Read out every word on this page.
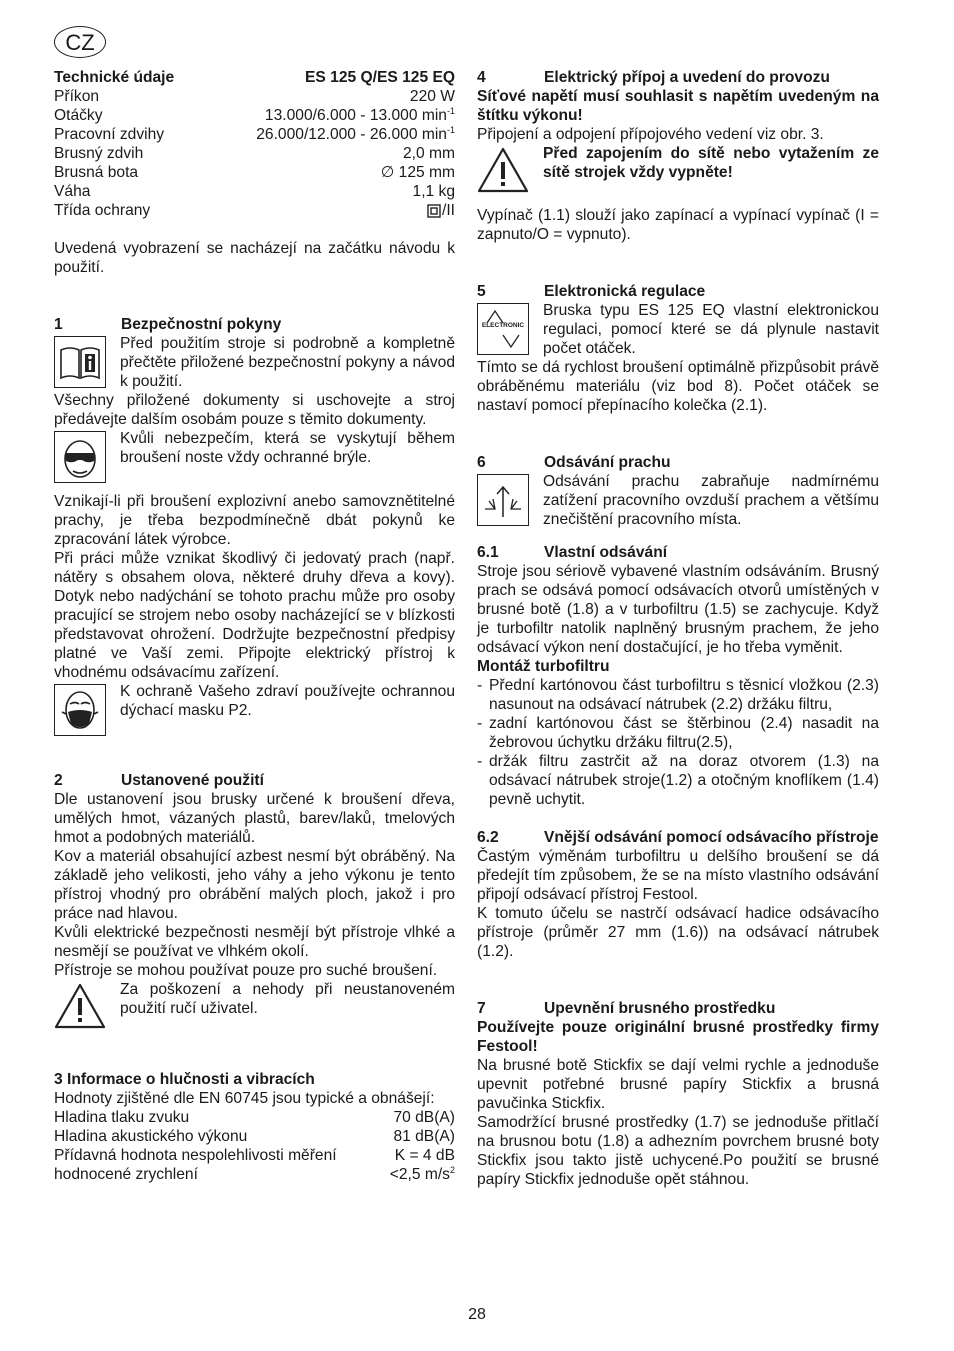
CZ
Technické údaje	ES 125 Q/ES 125 EQ
Příkon	220 W
Otáčky	13.000/6.000 - 13.000 $\min^{-1}$
Pracovní zdvihy	26.000/12.000 - 26.000 $\min^{-1}$
Brusný zdvih	2,0 mm
Brusná bota	∅ 125 mm
Váha	1,1 kg
Třída ochrany	/II

Uvedená vyobrazení se nacházejí na začátku návodu k použití.

1	Bezpečnostní pokyny

Před použitím stroje si podrobně a kompletně přečtěte přiložené bezpečnostní pokyny a návod k použití.

Všechny přiložené dokumenty si uschovejte a stroj předávejte dalším osobám pouze s těmito dokumenty.

Kvůli nebezpečím, která se vyskytují během broušení noste vždy ochranné brýle.

Vznikají-li při broušení explozivní anebo samovznětitelné prachy, je třeba bezpodmínečně dbát pokynů ke zpracování látek výrobce.

Při práci může vznikat škodlivý či jedovatý prach (např. nátěry s obsahem olova, některé druhy dřeva a kovy). Dotyk nebo nadýchání se tohoto prachu může pro osoby pracující se strojem nebo osoby nacházející se v blízkosti představovat ohrožení. Dodržujte bezpečnostní předpisy platné ve Vaší zemi. Připojte elektrický přístroj k vhodnému odsávacímu zařízení.

K ochraně Vašeho zdraví používejte ochrannou dýchací masku P2.

2	Ustanovené použití

Dle ustanovení jsou brusky určené k broušení dřeva, umělých hmot, vázaných plastů, barev/laků, tmelových hmot a podobných materiálů.

Kov a materiál obsahující azbest nesmí být obráběný. Na základě jeho velikosti, jeho váhy a jeho výkonu je tento přístroj vhodný pro obrábění malých ploch, jakož i pro práce nad hlavou.

Kvůli elektrické bezpečnosti nesmějí být přístroje vlhké a nesmějí se používat ve vlhkém okolí.

Přístroje se mohou používat pouze pro suché broušení.

Za poškození a nehody při neustanoveném použití ručí uživatel.

3 Informace o hlučnosti a vibracích

Hodnoty zjištěné dle EN 60745 jsou typické a obnášejí:

Hladina tlaku zvuku	70 dB(A)
Hladina akustického výkonu	81 dB(A)
Přídavná hodnota nespolehlivosti měření	K = 4 dB
hodnocené zrychlení	<2,5 $m/s^2$
4	Elektrický přípoj a uvedení do provozu

Síťové napětí musí souhlasit s napětím uvedeným na štítku výkonu!

Připojení a odpojení přípojového vedení viz obr. 3.

Před zapojením do sítě nebo vytažením ze sítě strojek vždy vypněte!

Vypínač (1.1) slouží jako zapínací a vypínací vypínač (I = zapnuto/O = vypnuto).

5	Elektronická regulace
ELECTRONIC

Bruska typu ES 125 EQ vlastní elektronickou regulaci, pomocí které se dá plynule nastavit počet otáček.

Tímto se dá rychlost broušení optimálně přizpůsobit právě obráběnému materiálu (viz bod 8). Počet otáček se nastaví pomocí přepínacího kolečka (2.1).

6	Odsávání prachu

Odsávání prachu zabraňuje nadmírnému zatížení pracovního ovzduší prachem a většímu znečištění pracovního místa.

6.1	Vlastní odsávání

Stroje jsou sériově vybavené vlastním odsáváním. Brusný prach se odsává pomocí odsávacích otvorů umístěných v brusné botě (1.8) a v turbofiltru (1.5) se zachycuje. Když je turbofiltr natolik naplněný brusným prachem, že jeho odsávací výkon není dostačující, je ho třeba vyměnit.

Montáž turbofiltru

- Přední kartónovou část turbofiltru s těsnicí vložkou (2.3) nasunout na odsávací nátrubek (2.2) držáku filtru,

- zadní kartónovou část se štěrbinou (2.4) nasadit na žebrovou úchytku držáku filtru(2.5),

- držák filtru zastrčit až na doraz otvorem (1.3) na odsávací nátrubek stroje(1.2) a otočným knoflíkem (1.4) pevně uchytit.

6.2	Vnější odsávání pomocí odsávacího přístroje

Častým výměnám turbofiltru u delšího broušení se dá předejít tím způsobem, že se na místo vlastního odsávání připojí odsávací přístroj Festool.

K tomuto účelu se nastrčí odsávací hadice odsávacího přístroje (průměr 27 mm (1.6)) na odsávací nátrubek (1.2).

7	Upevnění brusného prostředku

Používejte pouze originální brusné prostředky firmy Festool!

Na brusné botě Stickfix se dají velmi rychle a jednoduše upevnit potřebné brusné papíry Stickfix a brusná pavučinka Stickfix.

Samodržící brusné prostředky (1.7) se jednoduše přitlačí na brusnou botu (1.8) a adhezním povrchem brusné boty Stickfix jsou takto jistě uchycené.Po použití se brusné papíry Stickfix jednoduše opět stáhnou.

28
